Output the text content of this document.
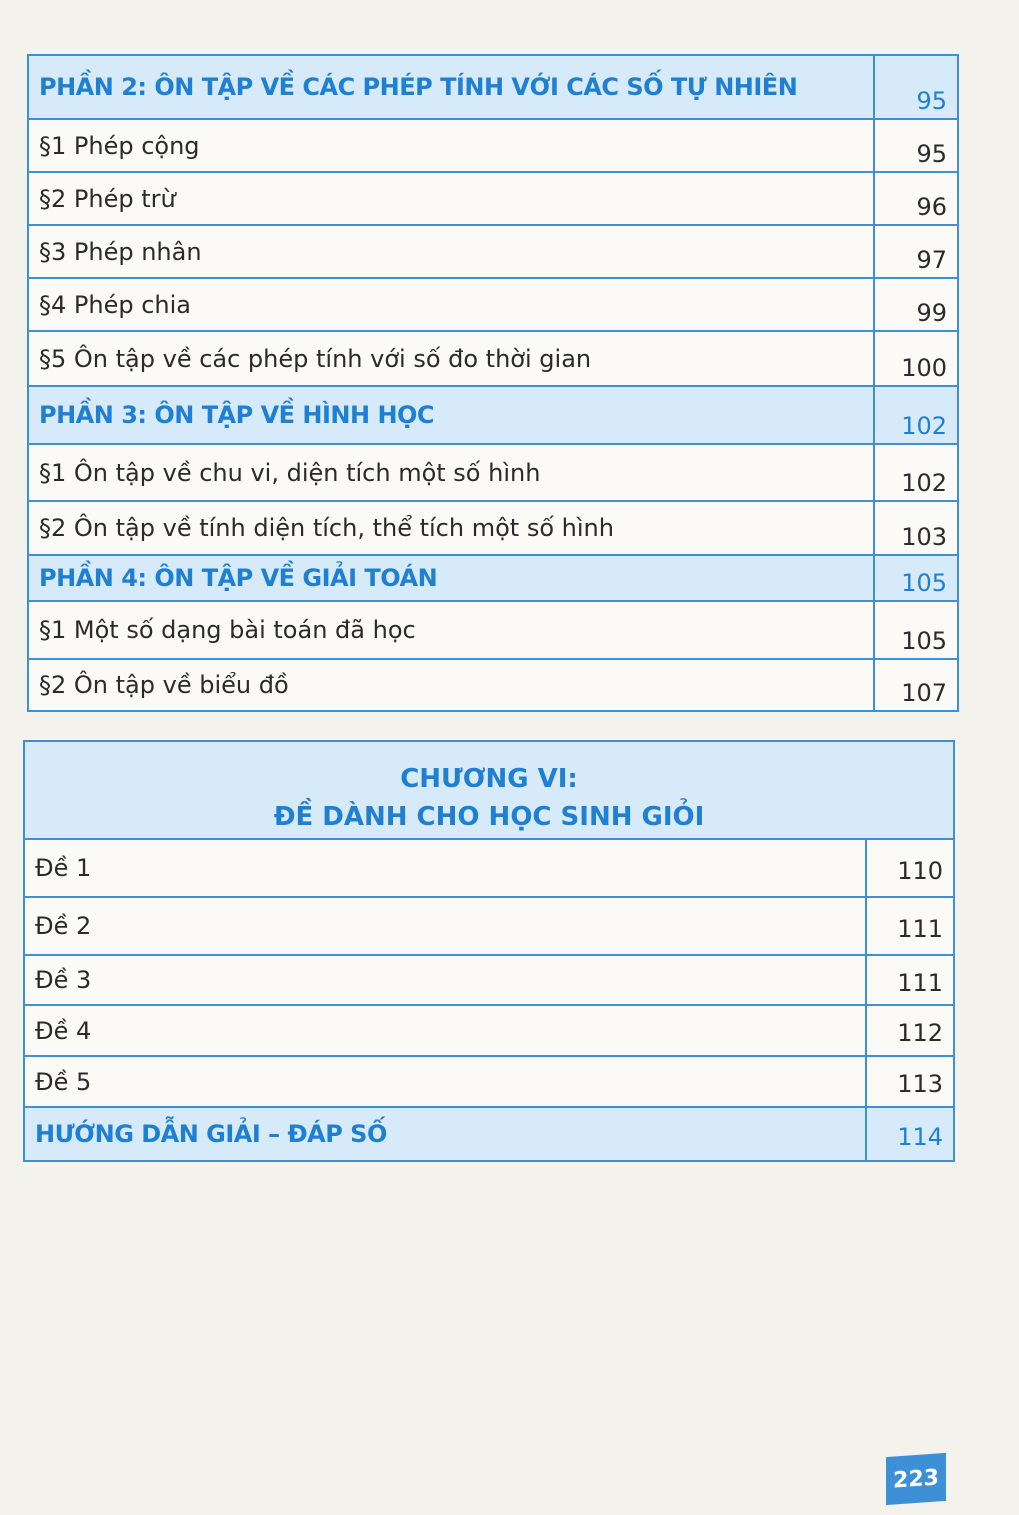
PHẦN 2: ÔN TẬP VỀ CÁC PHÉP TÍNH VỚI CÁC SỐ TỰ NHIÊN	95
§1 Phép cộng	95
§2 Phép trừ	96
§3 Phép nhân	97
§4 Phép chia	99
§5 Ôn tập về các phép tính với số đo thời gian	100
PHẦN 3: ÔN TẬP VỀ HÌNH HỌC	102
§1 Ôn tập về chu vi, diện tích một số hình	102
§2 Ôn tập về tính diện tích, thể tích một số hình	103
PHẦN 4: ÔN TẬP VỀ GIẢI TOÁN	105
§1 Một số dạng bài toán đã học	105
§2 Ôn tập về biểu đồ	107
CHƯƠNG VI:
ĐỀ DÀNH CHO HỌC SINH GIỎI	

Đề 1	110
Đề 2	111
Đề 3	111
Đề 4	112
Đề 5	113
HƯỚNG DẪN GIẢI – ĐÁP SỐ	114
223
